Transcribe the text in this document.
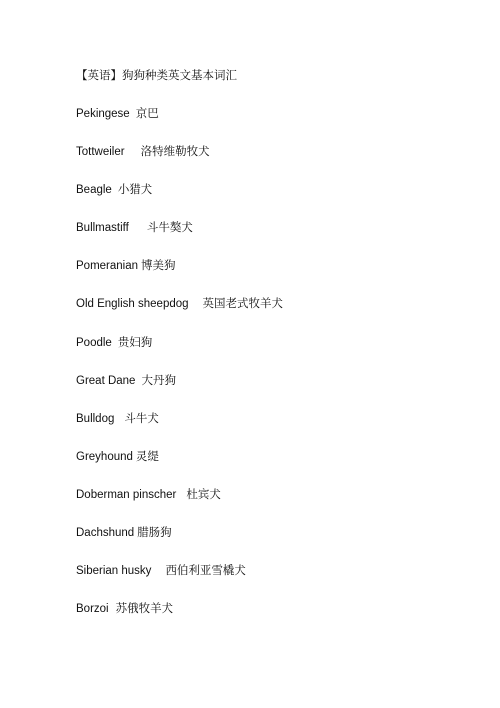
【英语】狗狗种类英文基本词汇
Pekingese 京巴
Tottweiler 洛特维勒牧犬
Beagle 小猎犬
Bullmastiff 斗牛獒犬
Pomeranian 博美狗
Old English sheepdog 英国老式牧羊犬
Poodle 贵妇狗
Great Dane 大丹狗
Bulldog 斗牛犬
Greyhound 灵缇
Doberman pinscher 杜宾犬
Dachshund 腊肠狗
Siberian husky 西伯利亚雪橇犬
Borzoi 苏俄牧羊犬
